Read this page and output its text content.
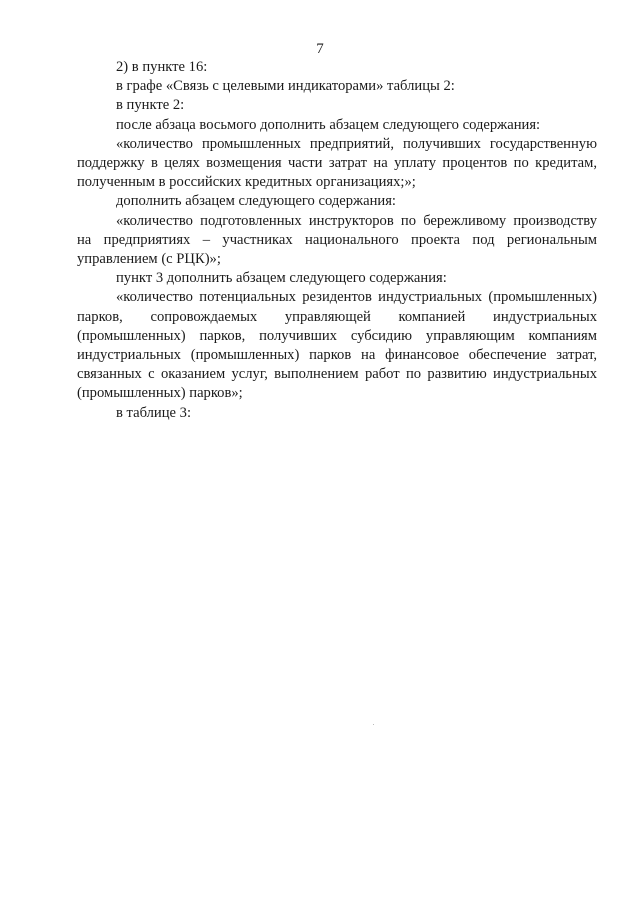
7

2) в пункте 16:

в графе «Связь с целевыми индикаторами» таблицы 2:

в пункте 2:

после абзаца восьмого дополнить абзацем следующего содержания:

«количество промышленных предприятий, получивших государственную поддержку в целях возмещения части затрат на уплату процентов по кредитам, полученным в российских кредитных организациях;»;

дополнить абзацем следующего содержания:

«количество подготовленных инструкторов по бережливому производству на предприятиях – участниках национального проекта под региональным управлением (с РЦК)»;

пункт 3 дополнить абзацем следующего содержания:

«количество потенциальных резидентов индустриальных (промышленных) парков, сопровождаемых управляющей компанией индустриальных (промышленных) парков, получивших субсидию управляющим компаниям индустриальных (промышленных) парков на финансовое обеспечение затрат, связанных с оказанием услуг, выполнением работ по развитию индустриальных (промышленных) парков»;

в таблице 3:
